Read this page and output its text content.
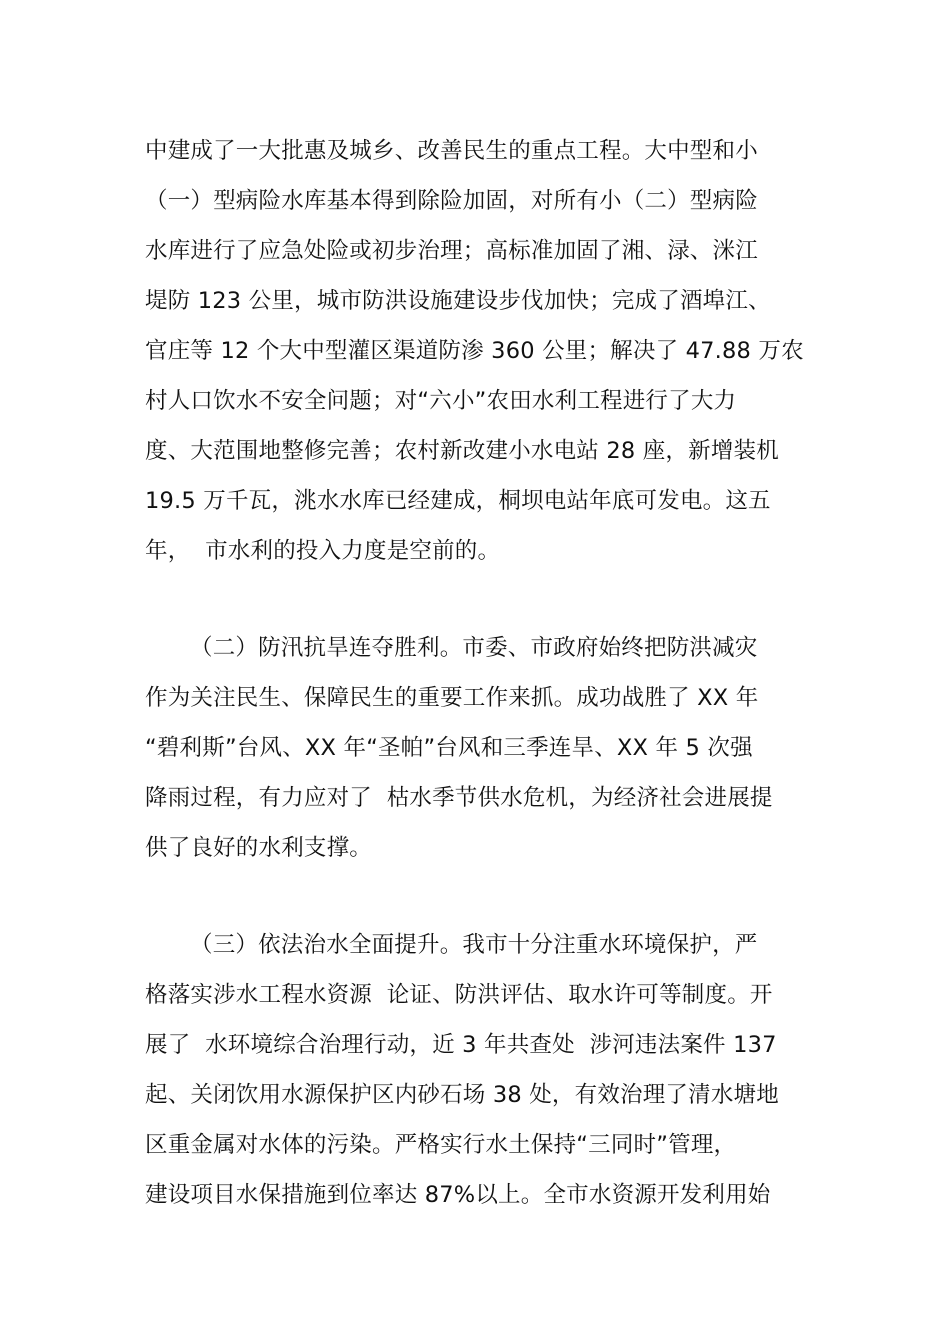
中建成了一大批惠及城乡、改善民生的重点工程。大中型和小

（一）型病险水库基本得到除险加固，对所有小（二）型病险

水库进行了应急处险或初步治理；高标准加固了湘、渌、洣江

堤防 123 公里，城市防洪设施建设步伐加快；完成了酒埠江、

官庄等 12 个大中型灌区渠道防渗 360 公里；解决了 47.88 万农

村人口饮水不安全问题；对“六小”农田水利工程进行了大力

度、大范围地整修完善；农村新改建小水电站 28 座，新增装机

19.5 万千瓦，洮水水库已经建成，桐坝电站年底可发电。这五

年，  市水利的投入力度是空前的。

（二）防汛抗旱连夺胜利。市委、市政府始终把防洪减灾

作为关注民生、保障民生的重要工作来抓。成功战胜了 XX 年

“碧利斯”台风、XX 年“圣帕”台风和三季连旱、XX 年 5 次强

降雨过程，有力应对了  枯水季节供水危机，为经济社会进展提

供了良好的水利支撑。

（三）依法治水全面提升。我市十分注重水环境保护，严

格落实涉水工程水资源  论证、防洪评估、取水许可等制度。开

展了  水环境综合治理行动，近 3 年共查处  涉河违法案件 137

起、关闭饮用水源保护区内砂石场 38 处，有效治理了清水塘地

区重金属对水体的污染。严格实行水土保持“三同时”管理，

建设项目水保措施到位率达 87%以上。全市水资源开发利用始
